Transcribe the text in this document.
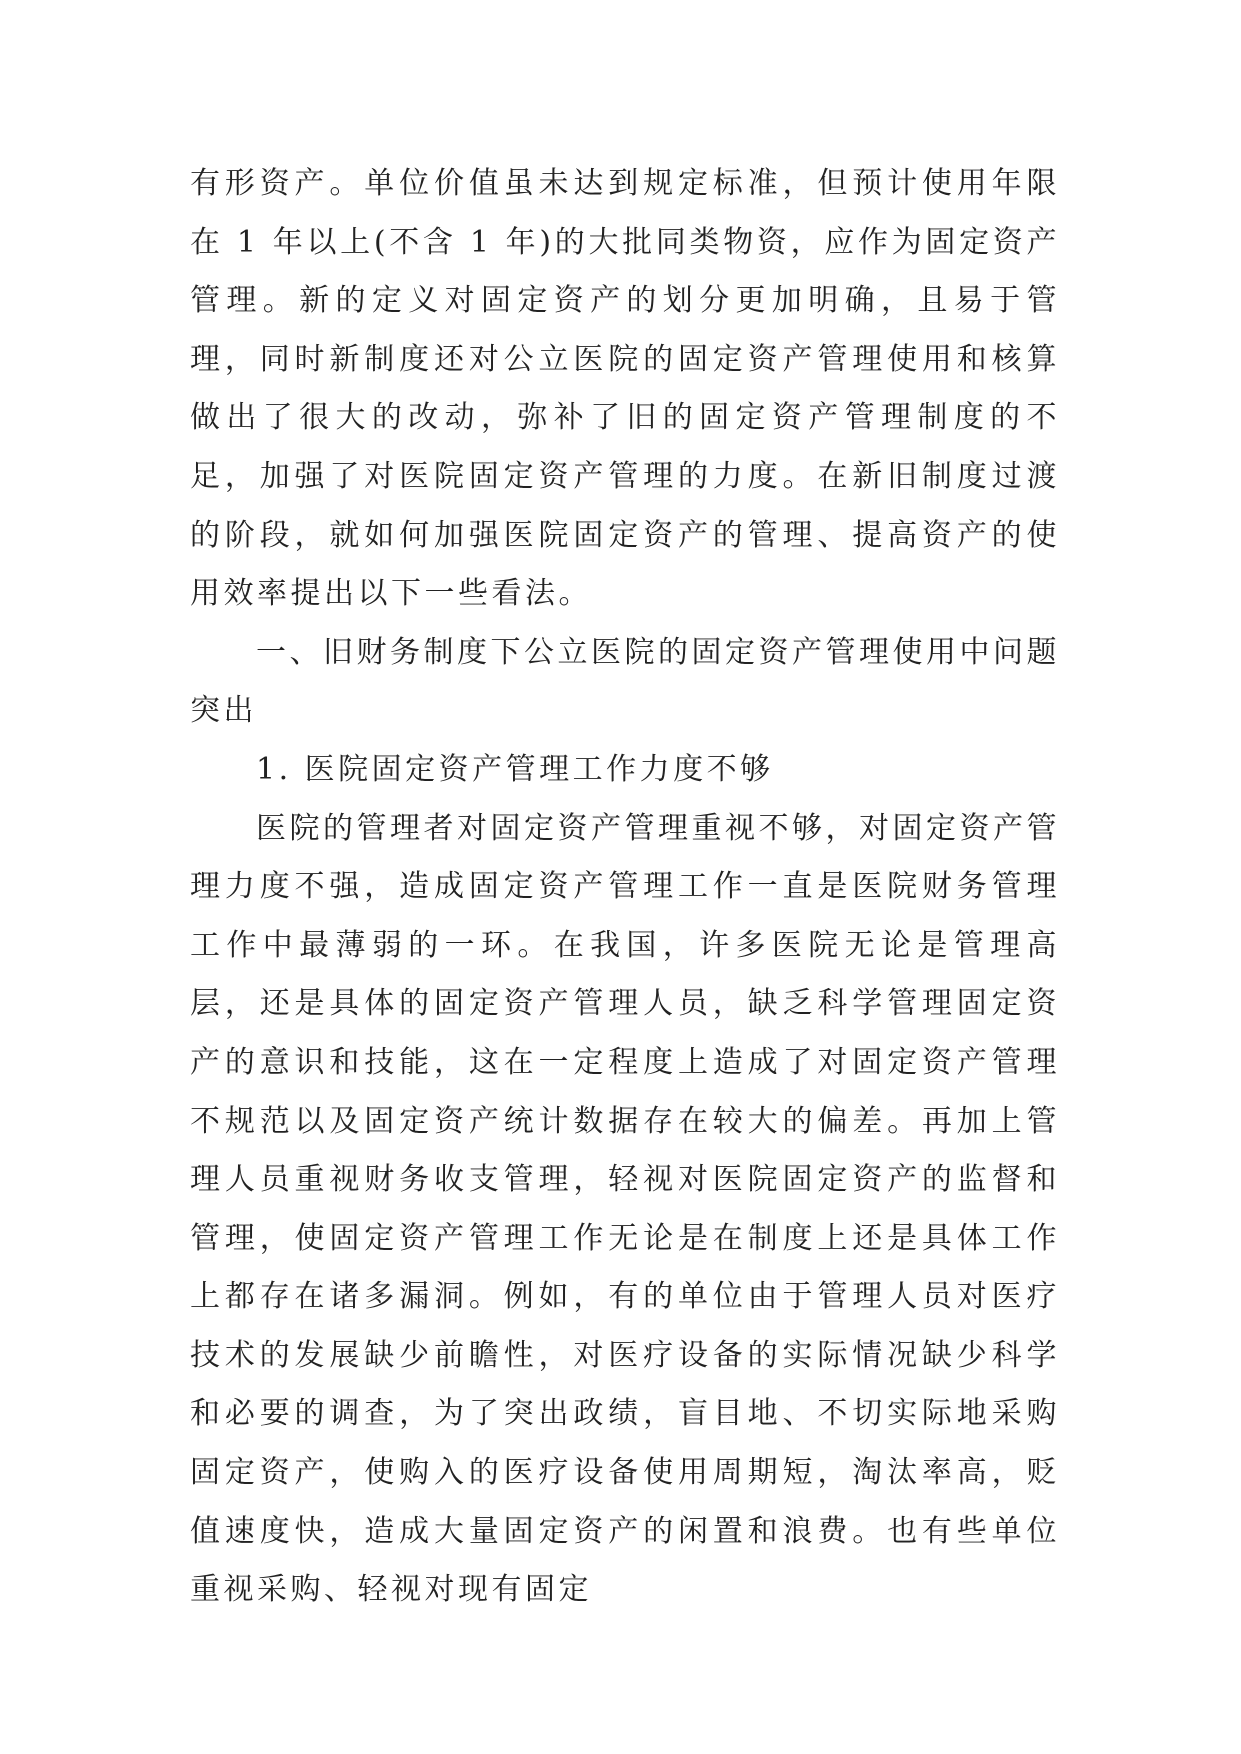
有形资产。单位价值虽未达到规定标准，但预计使用年限在 1 年以上(不含 1 年)的大批同类物资，应作为固定资产管理。新的定义对固定资产的划分更加明确，且易于管理，同时新制度还对公立医院的固定资产管理使用和核算做出了很大的改动，弥补了旧的固定资产管理制度的不足，加强了对医院固定资产管理的力度。在新旧制度过渡的阶段，就如何加强医院固定资产的管理、提高资产的使用效率提出以下一些看法。

一、旧财务制度下公立医院的固定资产管理使用中问题突出

1. 医院固定资产管理工作力度不够

医院的管理者对固定资产管理重视不够，对固定资产管理力度不强，造成固定资产管理工作一直是医院财务管理工作中最薄弱的一环。在我国，许多医院无论是管理高层，还是具体的固定资产管理人员，缺乏科学管理固定资产的意识和技能，这在一定程度上造成了对固定资产管理不规范以及固定资产统计数据存在较大的偏差。再加上管理人员重视财务收支管理，轻视对医院固定资产的监督和管理，使固定资产管理工作无论是在制度上还是具体工作上都存在诸多漏洞。例如，有的单位由于管理人员对医疗技术的发展缺少前瞻性，对医疗设备的实际情况缺少科学和必要的调查，为了突出政绩，盲目地、不切实际地采购固定资产，使购入的医疗设备使用周期短，淘汰率高，贬值速度快，造成大量固定资产的闲置和浪费。也有些单位重视采购、轻视对现有固定
